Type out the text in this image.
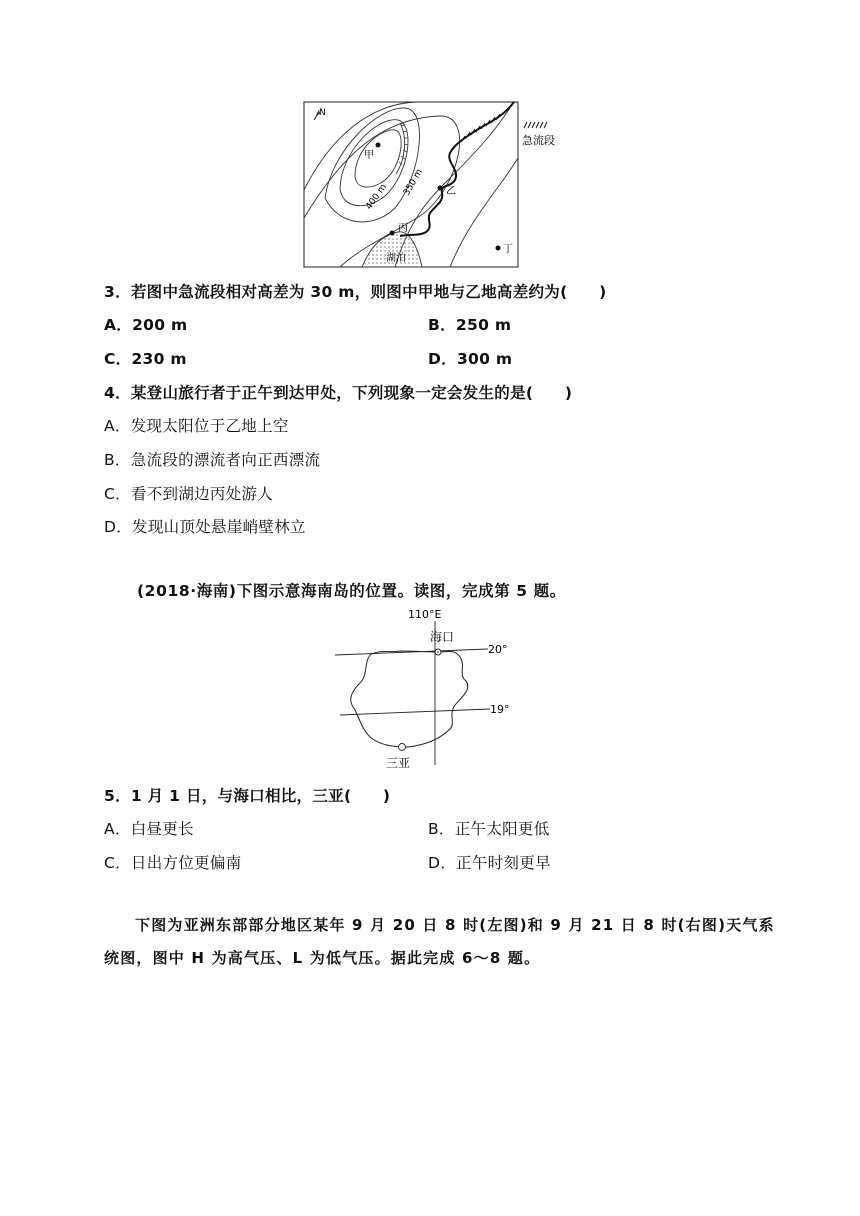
N
湖泊
甲
乙
丙
丁
400 m 350 m
急流段
3．若图中急流段相对高差为 30 m，则图中甲地与乙地高差约为(　　)
A．200 m	B．250 m
C．230 m	D．300 m
4．某登山旅行者于正午到达甲处，下列现象一定会发生的是(　　)
A．发现太阳位于乙地上空
B．急流段的漂流者向正西漂流
C．看不到湖边丙处游人
D．发现山顶处悬崖峭壁林立
(2018·海南)下图示意海南岛的位置。读图，完成第 5 题。
110°E
海口
20°
19°
三亚
5．1 月 1 日，与海口相比，三亚(　　)
A．白昼更长	B．正午太阳更低
C．日出方位更偏南	D．正午时刻更早
下图为亚洲东部部分地区某年 9 月 20 日 8 时(左图)和 9 月 21 日 8 时(右图)天气系
统图，图中 H 为高气压、L 为低气压。据此完成 6～8 题。
